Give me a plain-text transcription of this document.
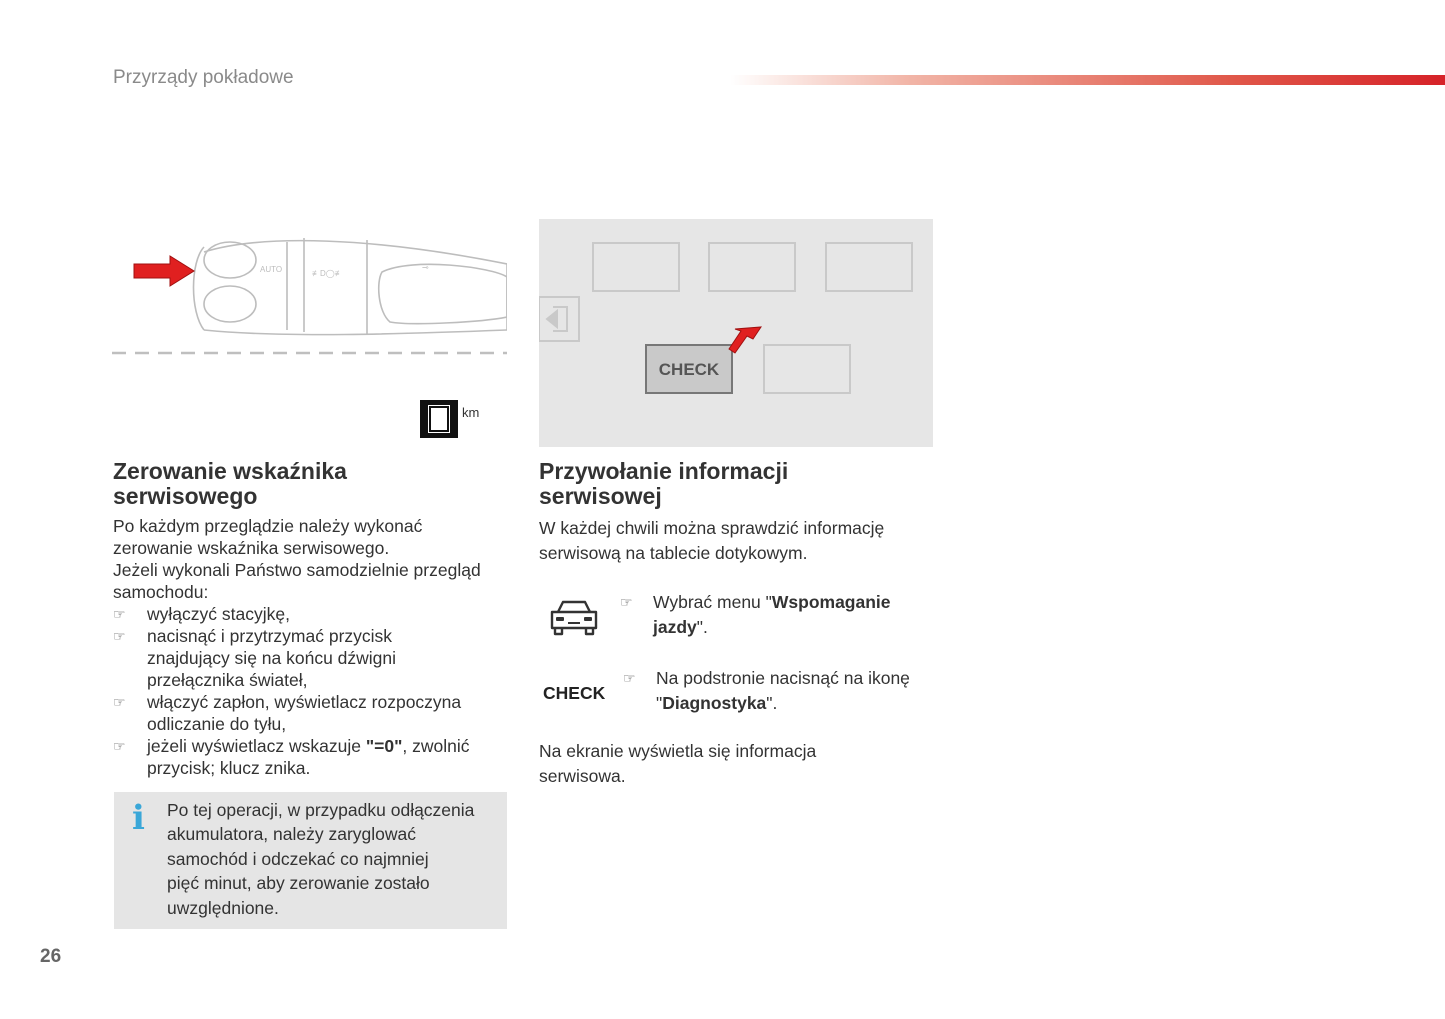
Przyrządy pokładowe
AUTO	≢D◯≢
⊸
km
CHECK
Zerowanie wskaźnika
serwisowego

Po każdym przeglądzie należy wykonać

zerowanie wskaźnika serwisowego.

Jeżeli wykonali Państwo samodzielnie przegląd

samochodu:

☞ wyłączyć stacyjkę,
☞ nacisnąć i przytrzymać przycisk
znajdujący się na końcu dźwigni
przełącznika świateł,
☞ włączyć zapłon, wyświetlacz rozpoczyna
odliczanie do tyłu,
☞ jeżeli wyświetlacz wskazuje "=0", zwolnić
przycisk; klucz znika.
i Po tej operacji, w przypadku odłączenia
akumulatora, należy zaryglować
samochód i odczekać co najmniej
pięć minut, aby zerowanie zostało
uwzględnione.
Przywołanie informacji
serwisowej

W każdej chwili można sprawdzić informację

serwisową na tablecie dotykowym.

☞	Wybrać menu "Wspomaganie
jazdy".
CHECK
☞	Na podstronie nacisnąć na ikonę
"Diagnostyka".

Na ekranie wyświetla się informacja

serwisowa.

26
